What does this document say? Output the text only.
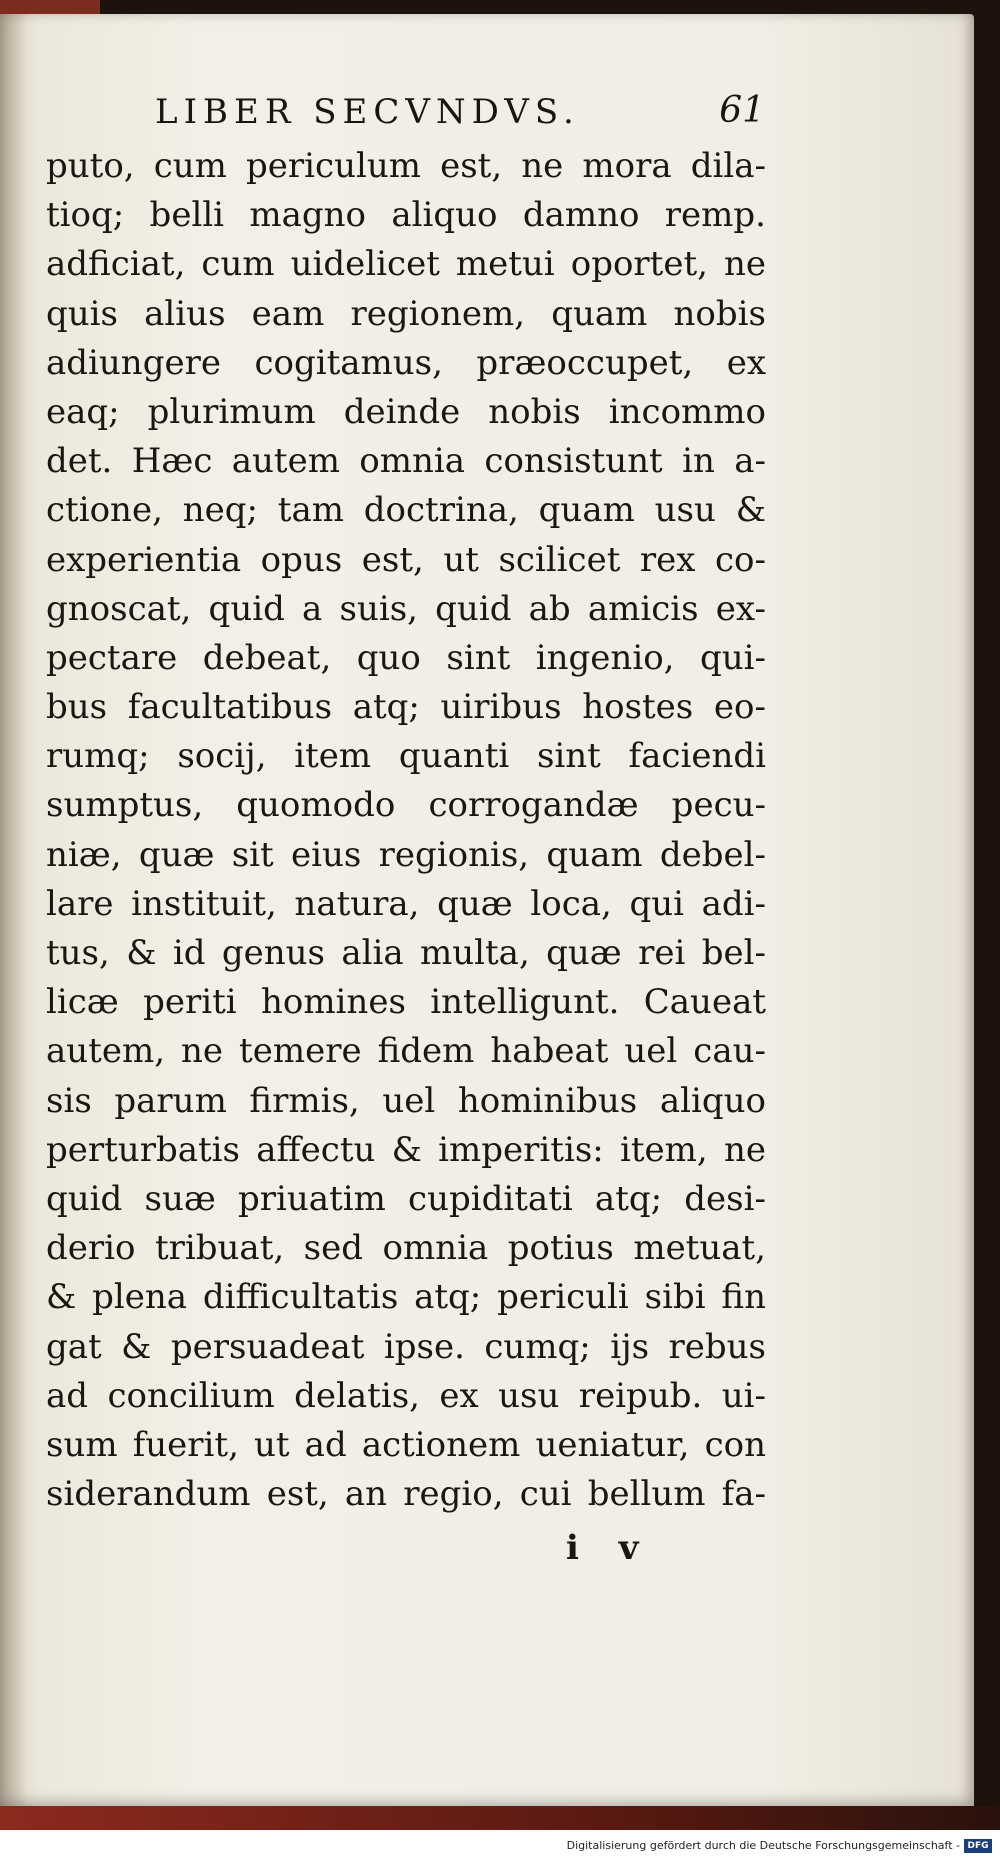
LIBER SECVNDVS.	61
puto, cum periculum est, ne mora dila-
tioq; belli magno aliquo damno remp.
adficiat, cum uidelicet metui oportet, ne
quis alius eam regionem, quam nobis
adiungere cogitamus, præoccupet, ex
eaq; plurimum deinde nobis incommo
det. Hæc autem omnia consistunt in a-
ctione, neq; tam doctrina, quam usu &
experientia opus est, ut scilicet rex co-
gnoscat, quid a suis, quid ab amicis ex-
pectare debeat, quo sint ingenio, qui-
bus facultatibus atq; uiribus hostes eo-
rumq; socij, item quanti sint faciendi
sumptus, quomodo corrogandæ pecu-
niæ, quæ sit eius regionis, quam debel-
lare instituit, natura, quæ loca, qui adi-
tus, & id genus alia multa, quæ rei bel-
licæ periti homines intelligunt. Caueat
autem, ne temere fidem habeat uel cau-
sis parum firmis, uel hominibus aliquo
perturbatis affectu & imperitis: item, ne
quid suæ priuatim cupiditati atq; desi-
derio tribuat, sed omnia potius metuat,
& plena difficultatis atq; periculi sibi fin
gat & persuadeat ipse. cumq; ijs rebus
ad concilium delatis, ex usu reipub. ui-
sum fuerit, ut ad actionem ueniatur, con
siderandum est, an regio, cui bellum fa-
i v
Digitalisierung gefördert durch die Deutsche Forschungsgemeinschaft - DFG
